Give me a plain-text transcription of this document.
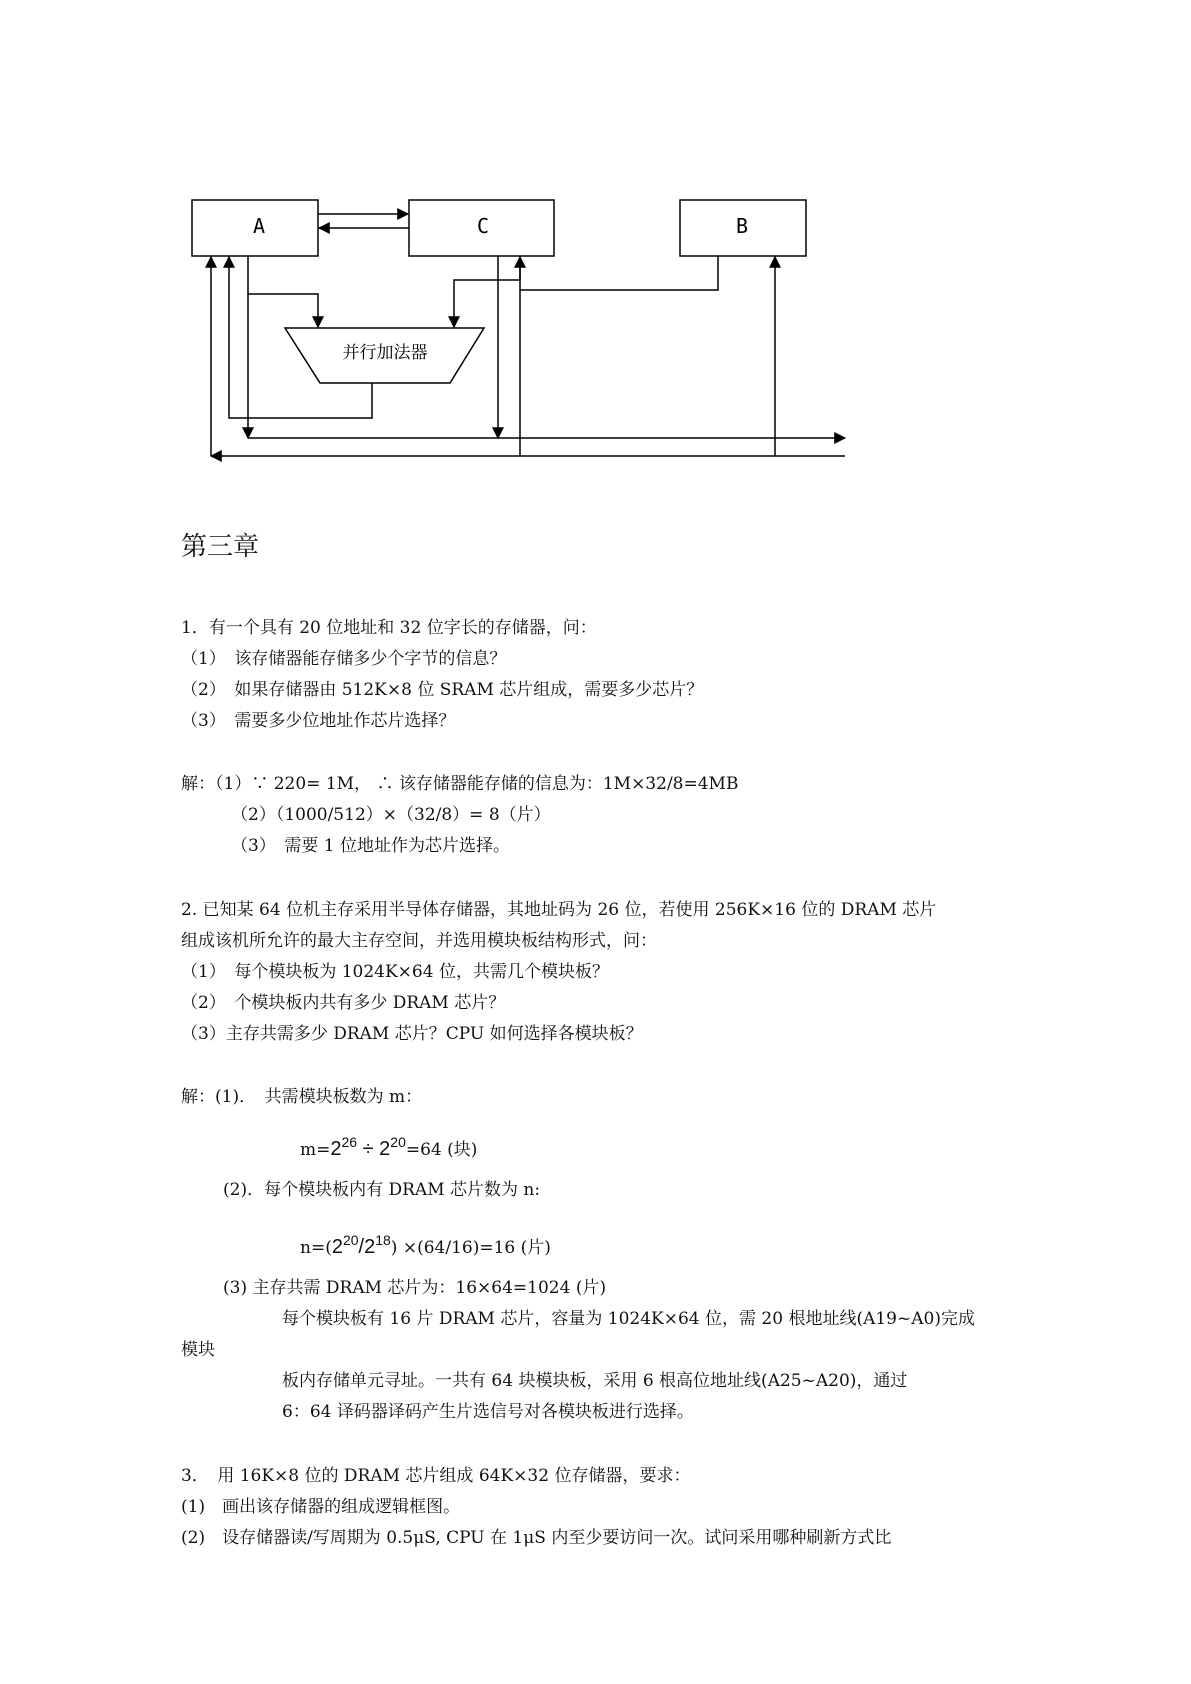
A	C	B
并行加法器
第三章
1．有一个具有 20 位地址和 32 位字长的存储器，问：
（1）　该存储器能存储多少个字节的信息？
（2）　如果存储器由 512K×8 位 SRAM 芯片组成，需要多少芯片？
（3）　需要多少位地址作芯片选择？
解：（1）∵ 220= 1M， ∴ 该存储器能存储的信息为：1M×32/8=4MB
（2）（1000/512）×（32/8）= 8（片）
（3）　需要 1 位地址作为芯片选择。
2. 已知某 64 位机主存采用半导体存储器，其地址码为 26 位，若使用 256K×16 位的 DRAM 芯片
组成该机所允许的最大主存空间，并选用模块板结构形式，问：
（1）　每个模块板为 1024K×64 位，共需几个模块板？
（2）　个模块板内共有多少 DRAM 芯片？
（3）主存共需多少 DRAM 芯片？CPU 如何选择各模块板？
解：(1)．　共需模块板数为 m：
$m=2^{26} \div 2^{20}=64$ (块)
(2)．每个模块板内有 DRAM 芯片数为 n:
$n=(2^{20}/2^{18}) \times(64/16)=16$ (片)
(3) 主存共需 DRAM 芯片为：16×64=1024 (片)
每个模块板有 16 片 DRAM 芯片，容量为 1024K×64 位，需 20 根地址线(A19~A0)完成
模块
板内存储单元寻址。一共有 64 块模块板，采用 6 根高位地址线(A25~A20)，通过
6：64 译码器译码产生片选信号对各模块板进行选择。
3．　用 16K×8 位的 DRAM 芯片组成 64K×32 位存储器，要求：
(1)　画出该存储器的组成逻辑框图。
(2)　设存储器读/写周期为 0.5μS, CPU 在 1μS 内至少要访问一次。试问采用哪种刷新方式比
